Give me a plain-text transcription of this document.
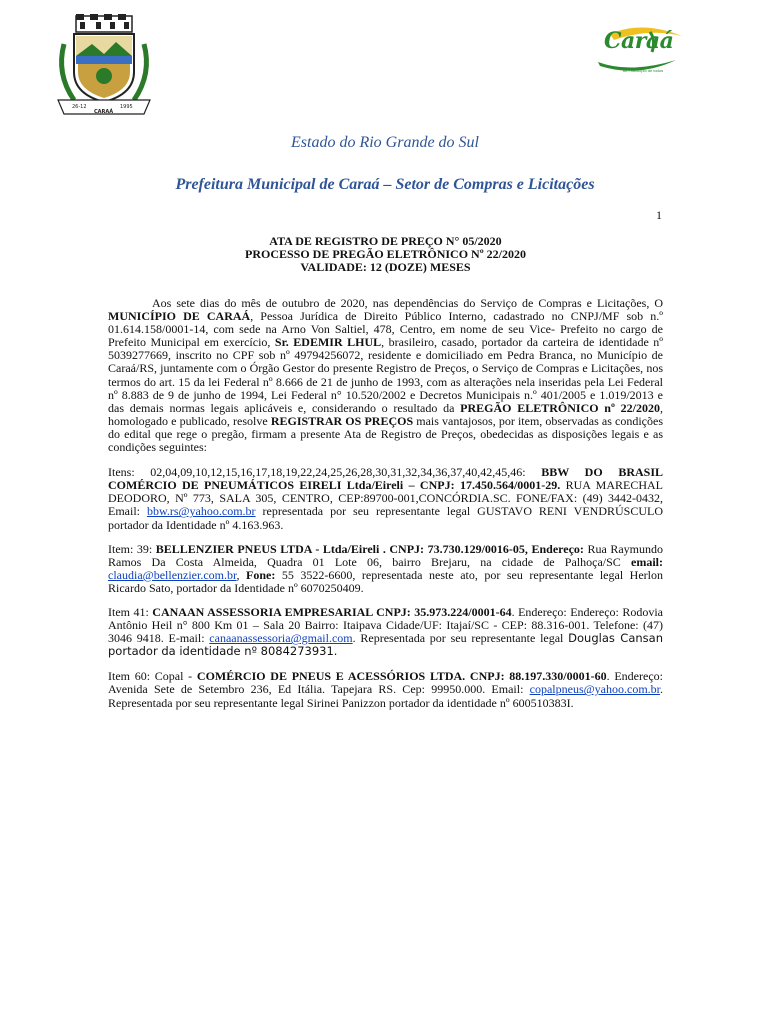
26-12	1995
CARAÁ
Caraá
um município de todos
Estado do Rio Grande do Sul
Prefeitura Municipal de Caraá – Setor de Compras e Licitações
1
ATA DE REGISTRO DE PREÇO N° 05/2020
PROCESSO DE PREGÃO ELETRÔNICO Nº 22/2020
VALIDADE: 12 (DOZE) MESES

Aos sete dias do mês de outubro de 2020, nas dependências do Serviço de Compras e Licitações, O MUNICÍPIO DE CARAÁ, Pessoa Jurídica de Direito Público Interno, cadastrado no CNPJ/MF sob n.º 01.614.158/0001-14, com sede na Arno Von Saltiel, 478, Centro, em nome de seu Vice- Prefeito no cargo de Prefeito Municipal em exercício, Sr. EDEMIR LHUL, brasileiro, casado, portador da carteira de identidade nº 5039277669, inscrito no CPF sob nº 49794256072, residente e domiciliado em Pedra Branca, no Município de Caraá/RS, juntamente com o Órgão Gestor do presente Registro de Preços, o Serviço de Compras e Licitações, nos termos do art. 15 da lei Federal nº 8.666 de 21 de junho de 1993, com as alterações nela inseridas pela Lei Federal nº 8.883 de 9 de junho de 1994, Lei Federal n° 10.520/2002 e Decretos Municipais n.º 401/2005 e 1.019/2013 e das demais normas legais aplicáveis e, considerando o resultado da PREGÃO ELETRÔNICO nº 22/2020, homologado e publicado, resolve REGISTRAR OS PREÇOS mais vantajosos, por item, observadas as condições do edital que rege o pregão, firmam a presente Ata de Registro de Preços, obedecidas as disposições legais e as condições seguintes:

Itens: 02,04,09,10,12,15,16,17,18,19,22,24,25,26,28,30,31,32,34,36,37,40,42,45,46: BBW DO BRASIL COMÉRCIO DE PNEUMÁTICOS EIRELI Ltda/Eireli – CNPJ: 17.450.564/0001-29. RUA MARECHAL DEODORO, Nº 773, SALA 305, CENTRO, CEP:89700-001,CONCÓRDIA.SC. FONE/FAX: (49) 3442-0432, Email: bbw.rs@yahoo.com.br representada por seu representante legal GUSTAVO RENI VENDRÚSCULO portador da Identidade nº 4.163.963.

Item: 39: BELLENZIER PNEUS LTDA - Ltda/Eireli . CNPJ: 73.730.129/0016-05, Endereço: Rua Raymundo Ramos Da Costa Almeida, Quadra 01 Lote 06, bairro Brejaru, na cidade de Palhoça/SC email: claudia@bellenzier.com.br, Fone: 55 3522-6600, representada neste ato, por seu representante legal Herlon Ricardo Sato, portador da Identidade nº 6070250409.

Item 41: CANAAN ASSESSORIA EMPRESARIAL CNPJ: 35.973.224/0001-64. Endereço: Endereço: Rodovia Antônio Heil n° 800 Km 01 – Sala 20 Bairro: Itaipava Cidade/UF: Itajaí/SC - CEP: 88.316-001. Telefone: (47) 3046 9418. E-mail: canaanassessoria@gmail.com. Representada por seu representante legal Douglas Cansan portador da identidade nº 8084273931.

Item 60: Copal - COMÉRCIO DE PNEUS E ACESSÓRIOS LTDA. CNPJ: 88.197.330/0001-60. Endereço: Avenida Sete de Setembro 236, Ed Itália. Tapejara RS. Cep: 99950.000. Email: copalpneus@yahoo.com.br. Representada por seu representante legal Sirinei Panizzon portador da identidade nº 600510383I.
